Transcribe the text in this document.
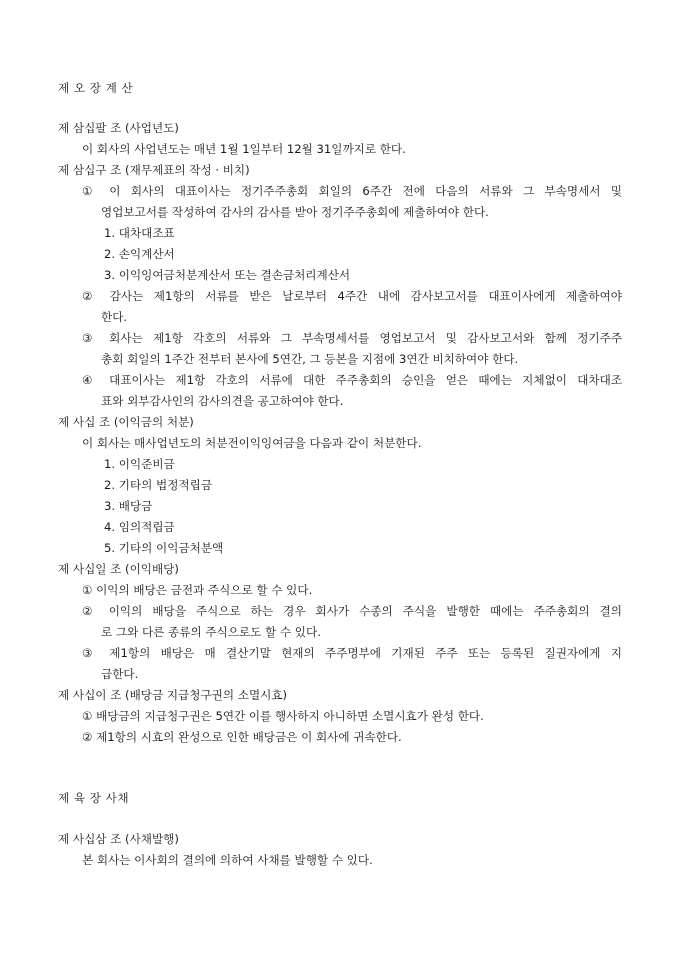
제 오 장 계 산
제 삼십팔 조 (사업년도)
이 회사의 사업년도는 매년 1월 1일부터 12월 31일까지로 한다.
제 삼십구 조 (재무제표의 작성 · 비치)
① 이 회사의 대표이사는 정기주주총회 회일의 6주간 전에 다음의 서류와 그 부속명세서 및
영업보고서를 작성하여 감사의 감사를 받아 정기주주총회에 제출하여야 한다.
1. 대차대조표
2. 손익계산서
3. 이익잉여금처분계산서 또는 결손금처리계산서
② 감사는 제1항의 서류를 받은 날로부터 4주간 내에 감사보고서를 대표이사에게 제출하여야
한다.
③ 회사는 제1항 각호의 서류와 그 부속명세서를 영업보고서 및 감사보고서와 함께 정기주주
총회 회일의 1주간 전부터 본사에 5연간, 그 등본을 지점에 3연간 비치하여야 한다.
④ 대표이사는 제1항 각호의 서류에 대한 주주총회의 승인을 얻은 때에는 지체없이 대차대조
표와 외부감사인의 감사의견을 공고하여야 한다.
제 사십 조 (이익금의 처분)
이 회사는 매사업년도의 처분전이익잉여금을 다음과 같이 처분한다.
1. 이익준비금
2. 기타의 법정적립금
3. 배당금
4. 임의적립금
5. 기타의 이익금처분액
제 사십일 조 (이익배당)
① 이익의 배당은 금전과 주식으로 할 수 있다.
② 이익의 배당을 주식으로 하는 경우 회사가 수종의 주식을 발행한 때에는 주주총회의 결의
로 그와 다른 종류의 주식으로도 할 수 있다.
③ 제1항의 배당은 매 결산기말 현재의 주주명부에 기재된 주주 또는 등록된 질권자에게 지
급한다.
제 사십이 조 (배당금 지급청구권의 소멸시효)
① 배당금의 지급청구권은 5연간 이를 행사하지 아니하면 소멸시효가 완성 한다.
② 제1항의 시효의 완성으로 인한 배당금은 이 회사에 귀속한다.
제 육 장 사채
제 사십삼 조 (사채발행)
본 회사는 이사회의 결의에 의하여 사채를 발행할 수 있다.
